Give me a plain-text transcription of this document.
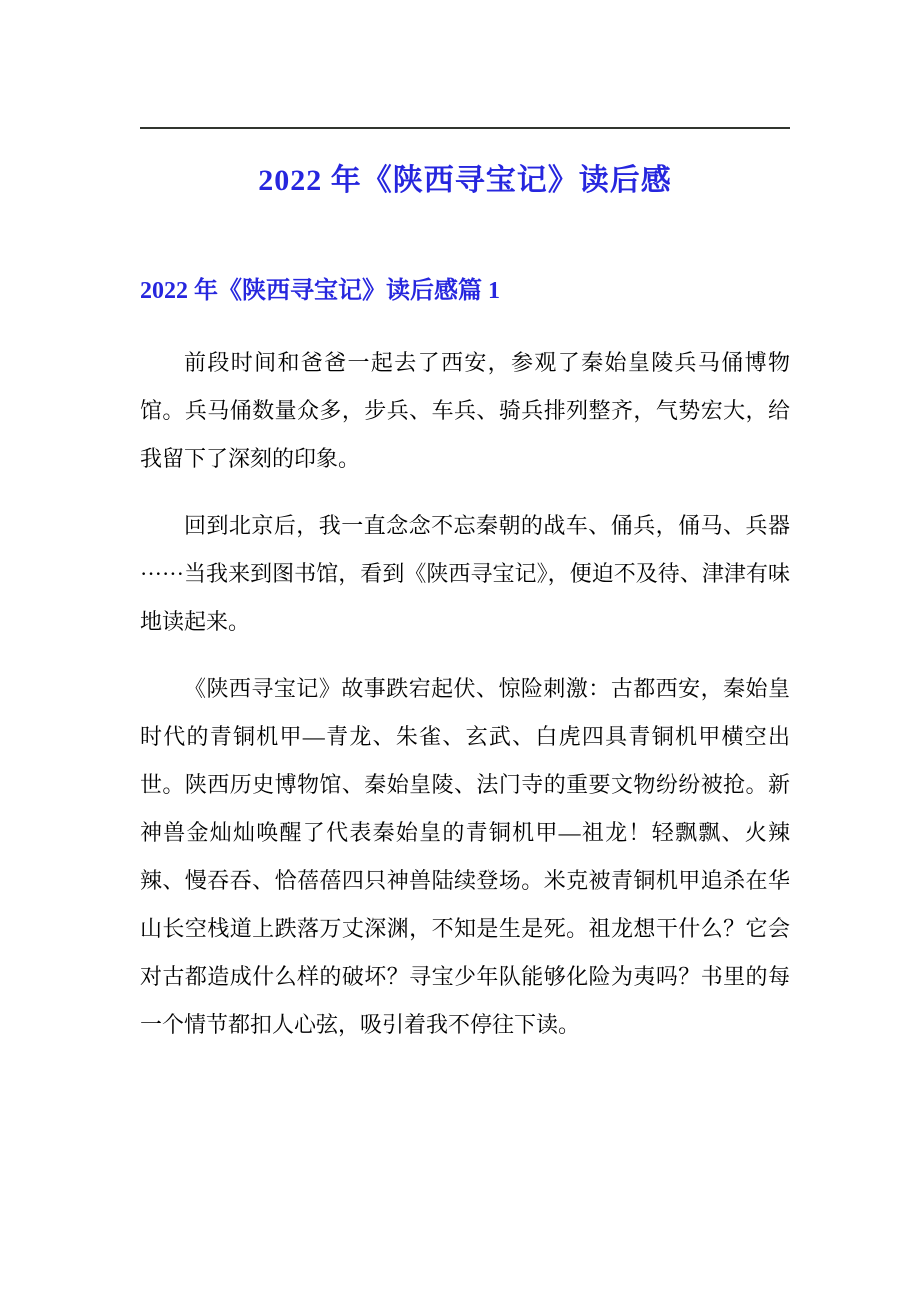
2022 年《陕西寻宝记》读后感
2022 年《陕西寻宝记》读后感篇 1

前段时间和爸爸一起去了西安，参观了秦始皇陵兵马俑博物馆。兵马俑数量众多，步兵、车兵、骑兵排列整齐，气势宏大，给我留下了深刻的印象。

回到北京后，我一直念念不忘秦朝的战车、俑兵，俑马、兵器······当我来到图书馆，看到《陕西寻宝记》，便迫不及待、津津有味地读起来。

《陕西寻宝记》故事跌宕起伏、惊险刺激：古都西安，秦始皇时代的青铜机甲—青龙、朱雀、玄武、白虎四具青铜机甲横空出世。陕西历史博物馆、秦始皇陵、法门寺的重要文物纷纷被抢。新神兽金灿灿唤醒了代表秦始皇的青铜机甲—祖龙！轻飘飘、火辣辣、慢吞吞、恰蓓蓓四只神兽陆续登场。米克被青铜机甲追杀在华山长空栈道上跌落万丈深渊，不知是生是死。祖龙想干什么？它会对古都造成什么样的破坏？寻宝少年队能够化险为夷吗？书里的每一个情节都扣人心弦，吸引着我不停往下读。
